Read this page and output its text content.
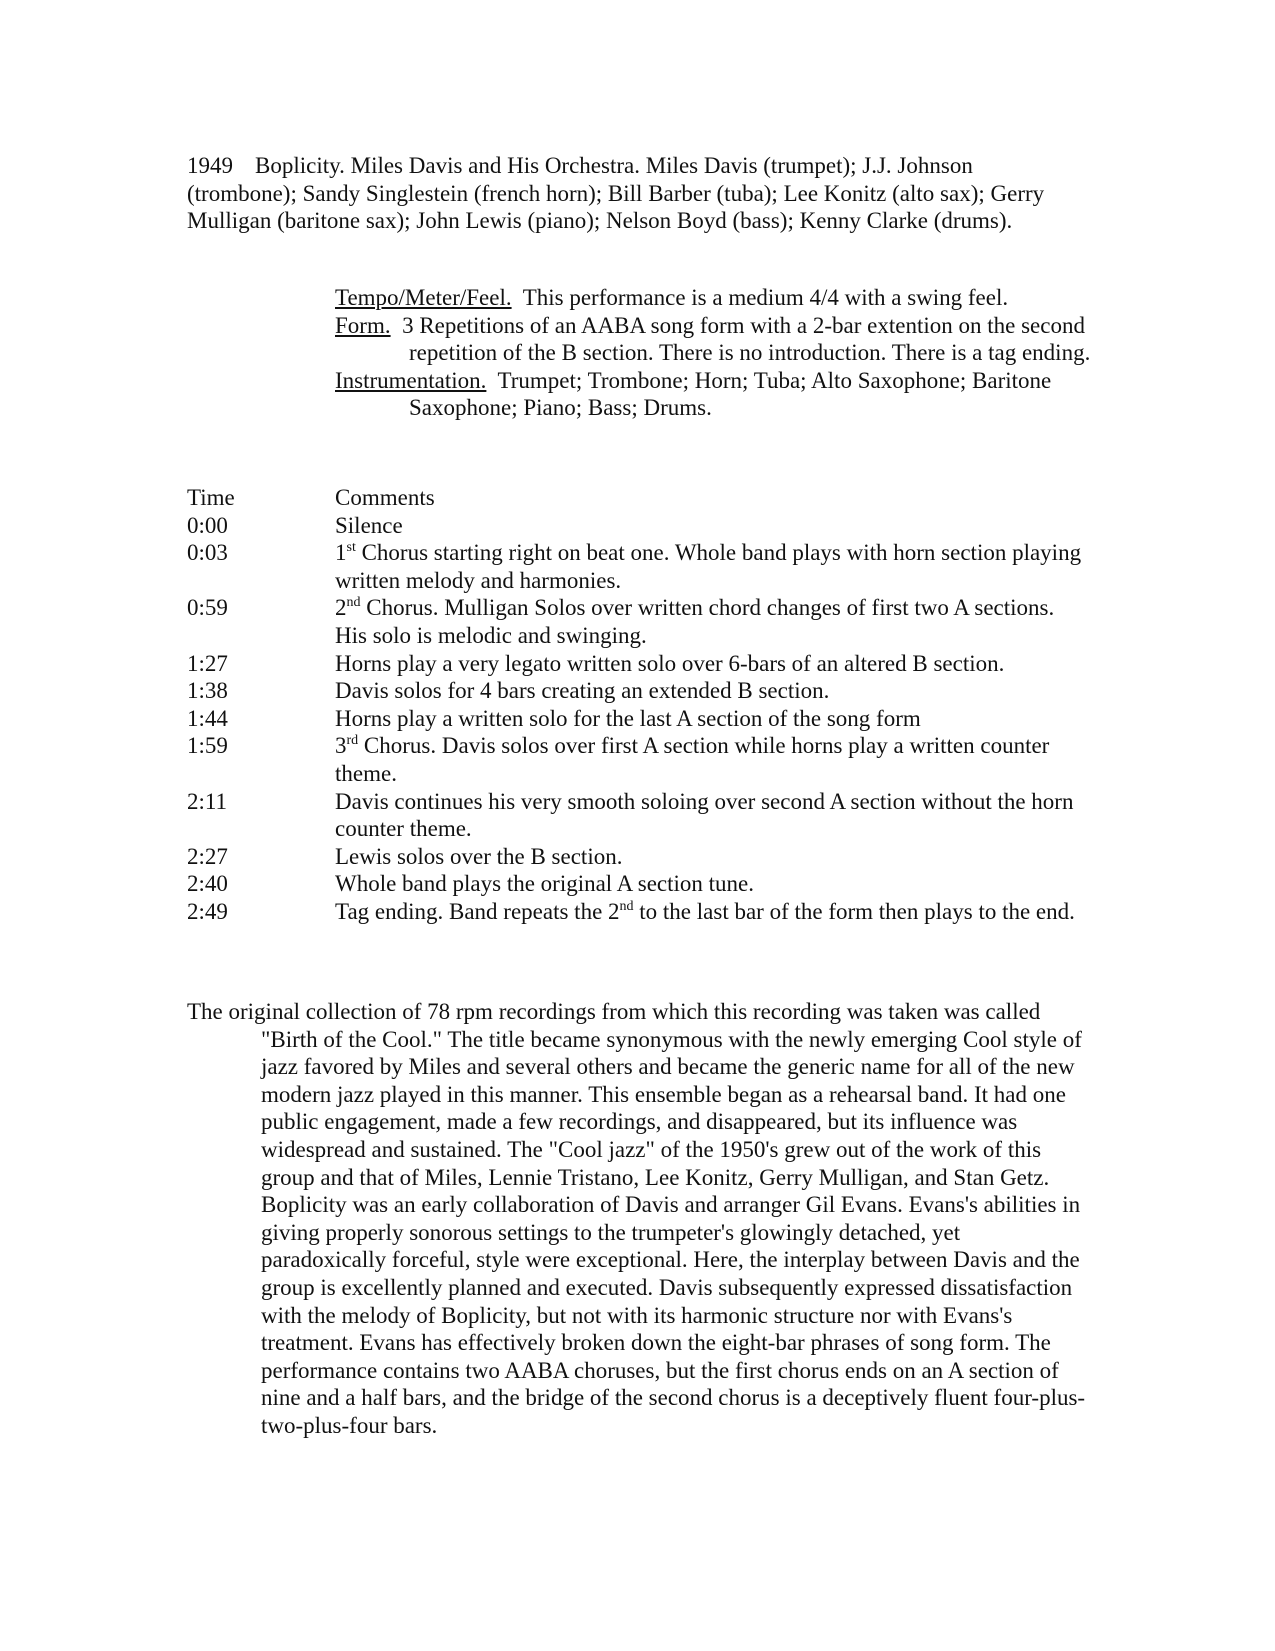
1949 Boplicity. Miles Davis and His Orchestra. Miles Davis (trumpet); J.J. Johnson (trombone); Sandy Singlestein (french horn); Bill Barber (tuba); Lee Konitz (alto sax); Gerry Mulligan (baritone sax); John Lewis (piano); Nelson Boyd (bass); Kenny Clarke (drums).

Tempo/Meter/Feel. This performance is a medium 4/4 with a swing feel.

Form. 3 Repetitions of an AABA song form with a 2-bar extention on the second repetition of the B section. There is no introduction. There is a tag ending.

Instrumentation. Trumpet; Trombone; Horn; Tuba; Alto Saxophone; Baritone Saxophone; Piano; Bass; Drums.

Time	Comments
0:00	Silence
0:03	1st Chorus starting right on beat one. Whole band plays with horn section playing written melody and harmonies.
0:59	2nd Chorus. Mulligan Solos over written chord changes of first two A sections. His solo is melodic and swinging.
1:27	Horns play a very legato written solo over 6-bars of an altered B section.
1:38	Davis solos for 4 bars creating an extended B section.
1:44	Horns play a written solo for the last A section of the song form
1:59	3rd Chorus. Davis solos over first A section while horns play a written counter theme.
2:11	Davis continues his very smooth soloing over second A section without the horn counter theme.
2:27	Lewis solos over the B section.
2:40	Whole band plays the original A section tune.
2:49	Tag ending. Band repeats the 2nd to the last bar of the form then plays to the end.

The original collection of 78 rpm recordings from which this recording was taken was called "Birth of the Cool." The title became synonymous with the newly emerging Cool style of jazz favored by Miles and several others and became the generic name for all of the new modern jazz played in this manner. This ensemble began as a rehearsal band. It had one public engagement, made a few recordings, and disappeared, but its influence was widespread and sustained. The "Cool jazz" of the 1950's grew out of the work of this group and that of Miles, Lennie Tristano, Lee Konitz, Gerry Mulligan, and Stan Getz. Boplicity was an early collaboration of Davis and arranger Gil Evans. Evans's abilities in giving properly sonorous settings to the trumpeter's glowingly detached, yet paradoxically forceful, style were exceptional. Here, the interplay between Davis and the group is excellently planned and executed. Davis subsequently expressed dissatisfaction with the melody of Boplicity, but not with its harmonic structure nor with Evans's treatment. Evans has effectively broken down the eight-bar phrases of song form. The performance contains two AABA choruses, but the first chorus ends on an A section of nine and a half bars, and the bridge of the second chorus is a deceptively fluent four-plus-two-plus-four bars.
